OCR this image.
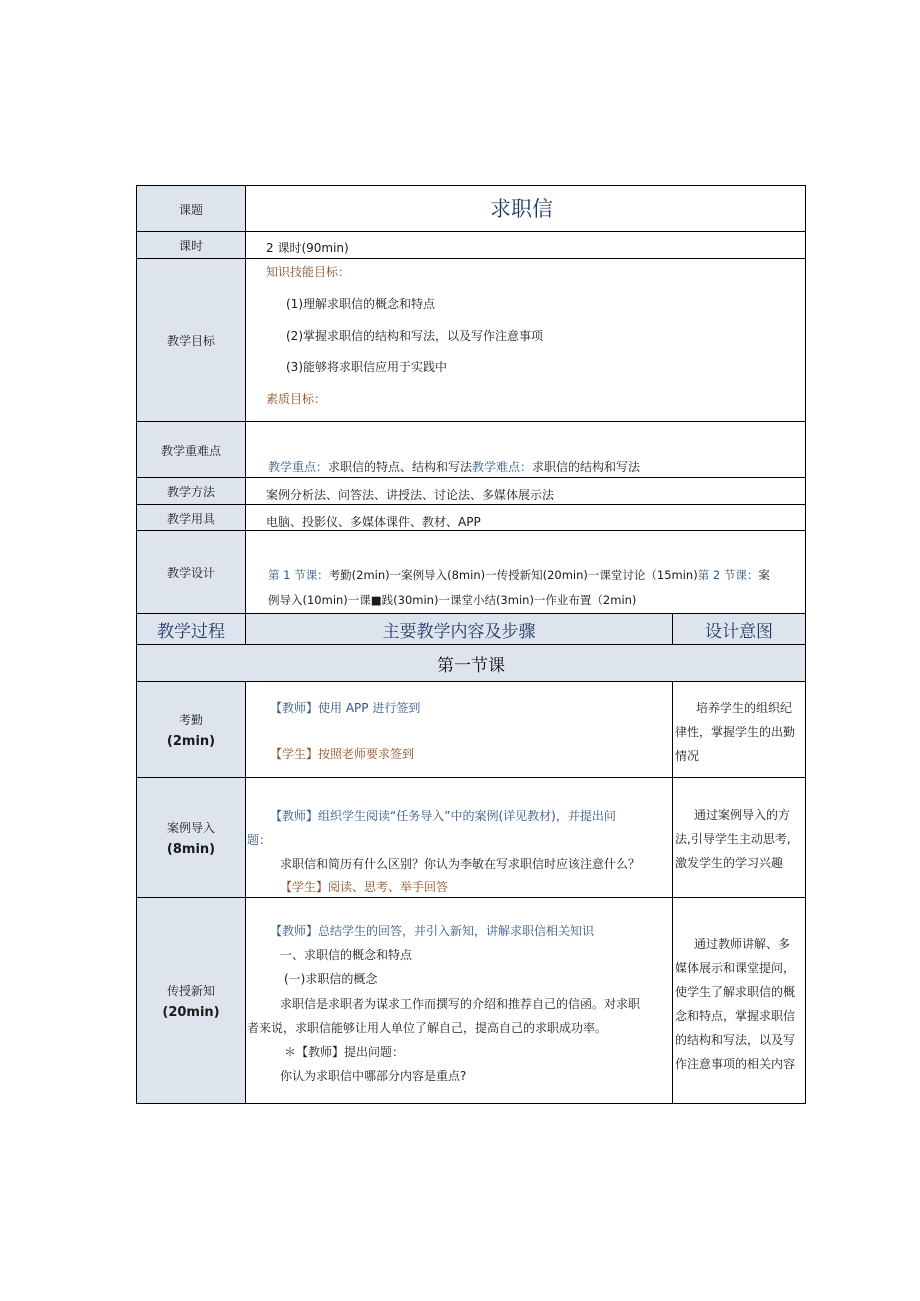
课题
课时
教学目标
教学重难点
教学方法
教学用具
教学设计
教学过程	主要教学内容及步骤	设计意图
第一节课
考勤
(2min)
案例导入
(8min)
传授新知
(20min)
求职信
2 课时(90min)
知识技能目标：
(1)理解求职信的概念和特点
(2)掌握求职信的结构和写法，以及写作注意事项
(3)能够将求职信应用于实践中
素质目标：
教学重点：求职信的特点、结构和写法教学难点：求职信的结构和写法
案例分析法、问答法、讲授法、讨论法、多媒体展示法
电脑、投影仪、多媒体课件、教材、APP
第 1 节课：考勤(2min)一案例导入(8min)一传授新知(20min)一课堂讨论（15min)第 2 节课：案
例导入(10min)一课■践(30min)一课堂小结(3min)一作业布置（2min)
【教师】使用 APP 进行签到
【学生】按照老师要求签到
培养学生的组织纪
律性，掌握学生的出勤
情况
【教师】组织学生阅读“任务导入”中的案例(详见教材)，并提出问
题：
求职信和简历有什么区别？你认为李敏在写求职信时应该注意什么？
【学生】阅读、思考、举手回答
通过案例导入的方
法,引导学生主动思考,
激发学生的学习兴趣
【教师】总结学生的回答，并引入新知，讲解求职信相关知识
一、求职信的概念和特点
(一)求职信的概念
求职信是求职者为谋求工作而撰写的介绍和推荐自己的信函。对求职
者来说，求职信能够让用人单位了解自己，提高自己的求职成功率。
＊【教师】提出问题：
你认为求职信中哪部分内容是重点?
通过教师讲解、多
媒体展示和课堂提问，
使学生了解求职信的概
念和特点，掌握求职信
的结构和写法，以及写
作注意事项的相关内容
